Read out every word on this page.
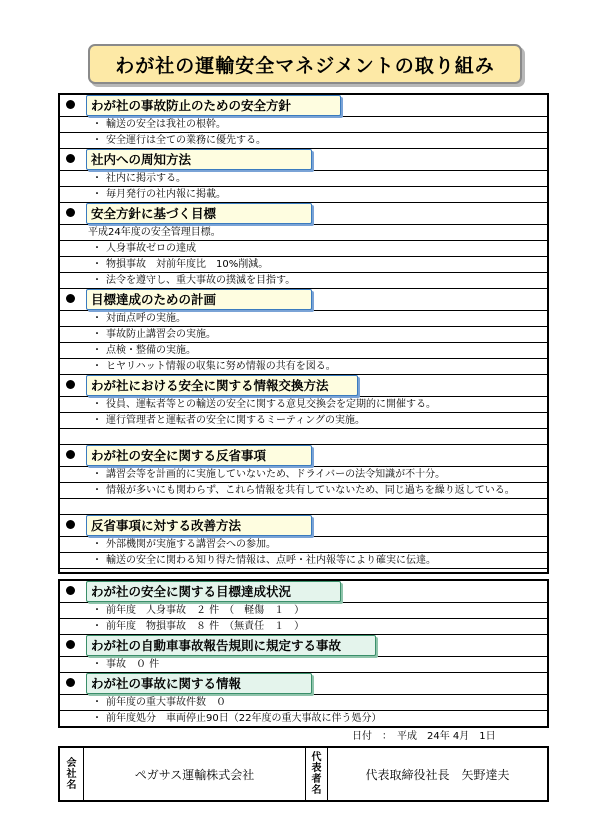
わが社の運輸安全マネジメントの取り組み
わが社の事故防止のための安全方針
・ 輸送の安全は我社の根幹。
・ 安全運行は全ての業務に優先する。
社内への周知方法
・ 社内に掲示する。
・ 毎月発行の社内報に掲載。
安全方針に基づく目標
平成24年度の安全管理目標。
・ 人身事故ゼロの達成
・ 物損事故　対前年度比　10%削減。
・ 法令を遵守し、重大事故の撲滅を目指す。
目標達成のための計画
・ 対面点呼の実施。
・ 事故防止講習会の実施。
・ 点検・整備の実施。
・ ヒヤリハット情報の収集に努め情報の共有を図る。
わが社における安全に関する情報交換方法
・ 役員、運転者等との輸送の安全に関する意見交換会を定期的に開催する。
・ 運行管理者と運転者の安全に関するミーティングの実施。
わが社の安全に関する反省事項
・ 講習会等を計画的に実施していないため、ドライバーの法令知識が不十分。
・ 情報が多いにも関わらず、これら情報を共有していないため、同じ過ちを繰り返している。
反省事項に対する改善方法
・ 外部機関が実施する講習会への参加。
・ 輸送の安全に関わる知り得た情報は、点呼・社内報等により確実に伝達。
わが社の安全に関する目標達成状況
・ 前年度　人身事故　２ 件　（　軽傷　１　）
・ 前年度　物損事故　８ 件　（無責任　１　）
わが社の自動車事故報告規則に規定する事故
・ 事故　０ 件
わが社の事故に関する情報
・ 前年度の重大事故件数　０
・ 前年度処分　車両停止90日（22年度の重大事故に伴う処分）
日付　：　平成　24年 4月　1日
会社名
ペガサス運輸株式会社
代表者名
代表取締役社長　矢野達夫
